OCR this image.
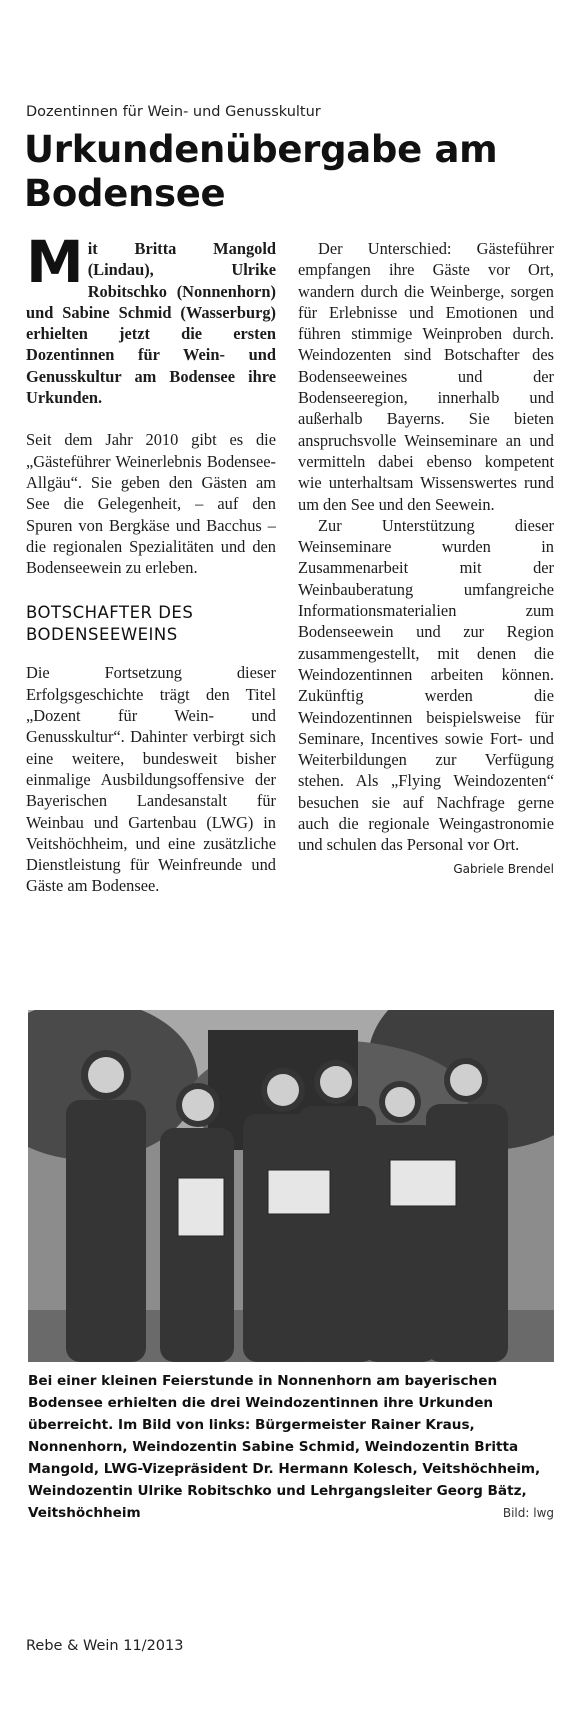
Dozentinnen für Wein- und Genusskultur
Urkundenübergabe am Bodensee

Mit Britta Mangold (Lindau), Ulrike Robitschko (Nonnenhorn) und Sabine Schmid (Wasserburg) erhielten jetzt die ersten Dozentinnen für Wein- und Genusskultur am Bodensee ihre Urkunden.

Seit dem Jahr 2010 gibt es die „Gästeführer Weinerlebnis Bodensee-Allgäu“. Sie geben den Gästen am See die Gelegenheit, – auf den Spuren von Bergkäse und Bacchus – die regionalen Spezialitäten und den Bodenseewein zu erleben.

BOTSCHAFTER DES
BODENSEEWEINS

Die Fortsetzung dieser Erfolgsgeschichte trägt den Titel „Dozent für Wein- und Genusskultur“. Dahinter verbirgt sich eine weitere, bundesweit bisher einmalige Ausbildungsoffensive der Bayerischen Landesanstalt für Weinbau und Gartenbau (LWG) in Veitshöchheim, und eine zusätzliche Dienstleistung für Weinfreunde und Gäste am Bodensee.

Der Unterschied: Gästeführer empfangen ihre Gäste vor Ort, wandern durch die Weinberge, sorgen für Erlebnisse und Emotionen und führen stimmige Weinproben durch. Weindozenten sind Botschafter des Bodenseeweines und der Bodenseeregion, innerhalb und außerhalb Bayerns. Sie bieten anspruchsvolle Weinseminare an und vermitteln dabei ebenso kompetent wie unterhaltsam Wissenswertes rund um den See und den Seewein.

Zur Unterstützung dieser Weinseminare wurden in Zusammenarbeit mit der Weinbauberatung umfangreiche Informationsmaterialien zum Bodenseewein und zur Region zusammengestellt, mit denen die Weindozentinnen arbeiten können. Zukünftig werden die Weindozentinnen beispielsweise für Seminare, Incentives sowie Fort- und Weiterbildungen zur Verfügung stehen. Als „Flying Weindozenten“ besuchen sie auf Nachfrage gerne auch die regionale Weingastronomie und schulen das Personal vor Ort.
Gabriele Brendel

Bei einer kleinen Feierstunde in Nonnenhorn am bayerischen Bodensee erhielten die drei Weindozentinnen ihre Urkunden überreicht. Im Bild von links: Bürgermeister Rainer Kraus, Nonnenhorn, Weindozentin Sabine Schmid, Weindozentin Britta Mangold, LWG-Vizepräsident Dr. Hermann Kolesch, Veitshöchheim, Weindozentin Ulrike Robitschko und Lehrgangsleiter Georg Bätz, Veitshöchheim	Bild: lwg
Rebe & Wein 11/2013
